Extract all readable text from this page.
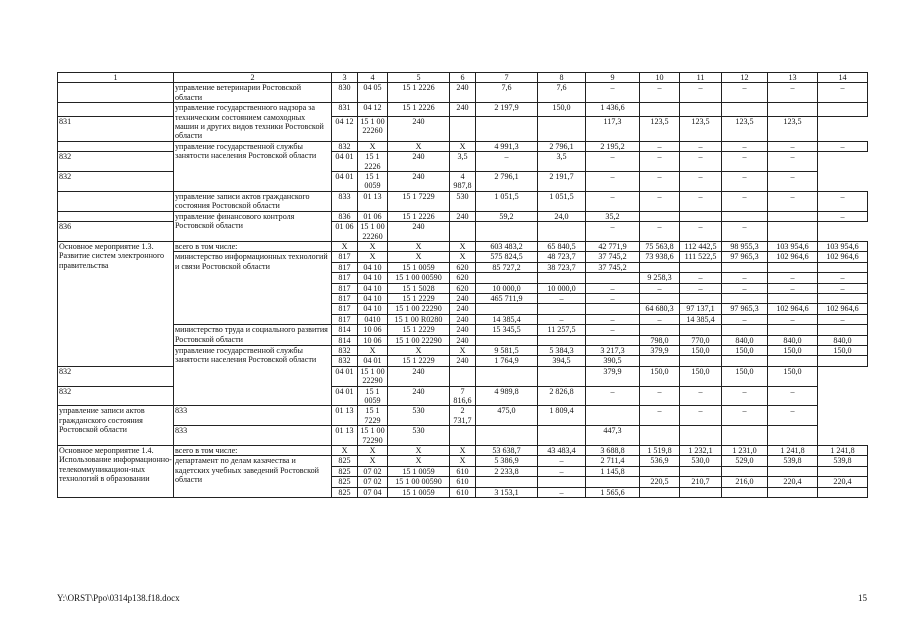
1	2	3	4	5	6	7	8	9	10	11	12	13	14
	управление ветеринарии Ростовской области	830	04 05	15 1 2226	240	7,6	7,6	–	–	–	–	–	–
	управление государственного надзора за техническим состоянием самоходных машин и других видов техники Ростовской области	831	04 12	15 1 2226	240	2 197,9	150,0	1 436,6					
831		04 12	15 1 00 22260	240				117,3	123,5	123,5	123,5	123,5	
	управление государственной службы занятости населения Ростовской области	832	X	X	X	4 991,3	2 796,1	2 195,2	–	–	–	–	–
832		04 01	15 1 2226	240	3,5	–	3,5	–	–	–	–	–	
832		04 01	15 1 0059	240	4 987,8	2 796,1	2 191,7	–	–	–	–	–	
	управление записи актов гражданского состояния Ростовской области	833	01 13	15 1 7229	530	1 051,5	1 051,5	–	–	–	–	–	–
	управление финансового контроля Ростовской области	836	01 06	15 1 2226	240	59,2	24,0	35,2					–
836		01 06	15 1 00 22260	240				–	–	–	–		
Основное мероприятие 1.3. Развитие систем электронного правительства	всего в том числе:	X	X	X	X	603 483,2	65 840,5	42 771,9	75 563,8	112 442,5	98 955,3	103 954,6	103 954,6
	министерство информационных технологий и связи Ростовской области	817	X	X	X	575 824,5	48 723,7	37 745,2	73 938,6	111 522,5	97 965,3	102 964,6	102 964,6
		817	04 10	15 1 0059	620	85 727,2	38 723,7	37 745,2					
		817	04 10	15 1 00 00590	620				9 258,3	–	–	–	–
		817	04 10	15 1 5028	620	10 000,0	10 000,0	–	–	–	–	–	–
		817	04 10	15 1 2229	240	465 711,9	–	–					
		817	04 10	15 1 00 22290	240				64 680,3	97 137,1	97 965,3	102 964,6	102 964,6
		817	0410	15 1 00 R0280	240	14 385,4	–	–	–	14 385,4	–	–	–
	министерство труда и социального развития Ростовской области	814	10 06	15 1 2229	240	15 345,5	11 257,5	–					
		814	10 06	15 1 00 22290	240				798,0	770,0	840,0	840,0	840,0
	управление государственной службы занятости населения Ростовской области	832	X	X	X	9 581,5	5 384,3	3 217,3	379,9	150,0	150,0	150,0	150,0
		832	04 01	15 1 2229	240	1 764,9	394,5	390,5					
832		04 01	15 1 00 22290	240				379,9	150,0	150,0	150,0	150,0	
832		04 01	15 1 0059	240	7 816,6	4 989,8	2 826,8	–	–	–	–	–	
управление записи актов гражданского состояния Ростовской области	833	01 13	15 1 7229	530	2 731,7	475,0	1 809,4		–	–	–	–	
	833	01 13	15 1 00 72290	530				447,3					
Основное мероприятие 1.4. Использование информационно-телекоммуникацион-ных технологий в образовании	всего в том числе:	X	X	X	X	53 638,7	43 483,4	3 688,8	1 519,8	1 232,1	1 231,0	1 241,8	1 241,8
	департамент по делам казачества и кадетских учебных заведений Ростовской области	825	X	X	X	5 386,9	–	2 711,4	536,9	530,0	529,0	539,8	539,8
		825	07 02	15 1 0059	610	2 233,8	–	1 145,8					
		825	07 02	15 1 00 00590	610				220,5	210,7	216,0	220,4	220,4
		825	07 04	15 1 0059	610	3 153,1	–	1 565,6					
Y:\ORST\Ppo\0314p138.f18.docx	15
